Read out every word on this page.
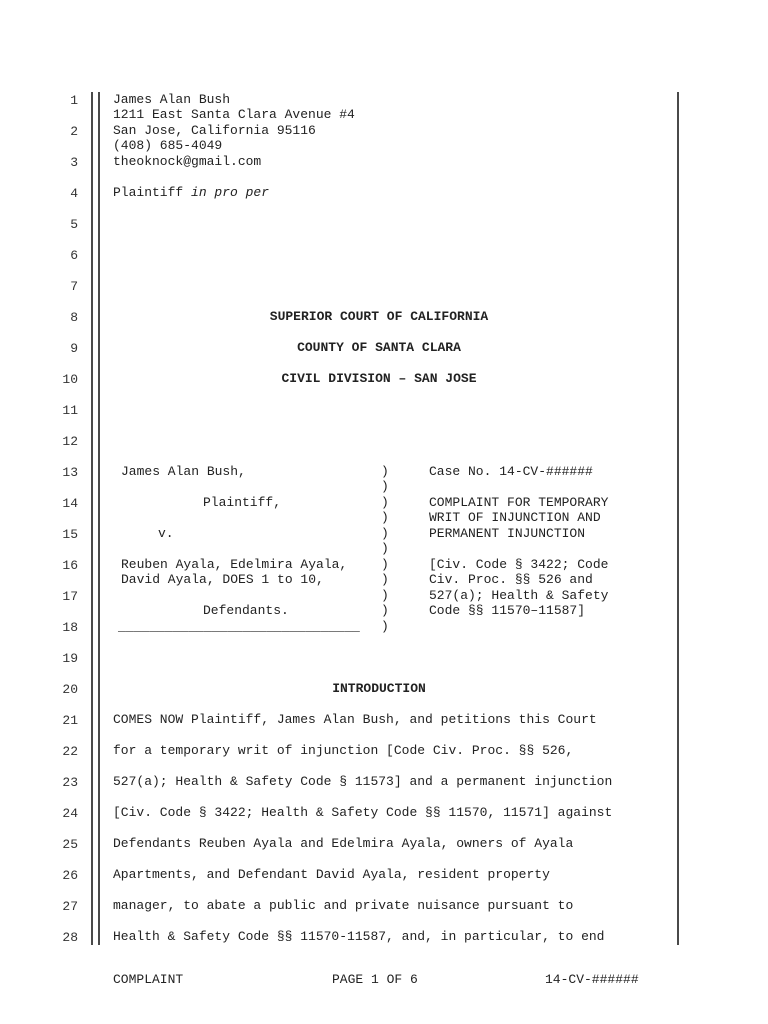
1
2
3
4
5
6
7
8
9
10
11
12
13
14
15
16
17
18
19
20
21
22
23
24
25
26
27
28
James Alan Bush
1211 East Santa Clara Avenue #4
San Jose, California 95116
(408) 685-4049
theoknock@gmail.com
Plaintiff in pro per
SUPERIOR COURT OF CALIFORNIA
COUNTY OF SANTA CLARA
CIVIL DIVISION – SAN JOSE
James Alan Bush,
Plaintiff,
v.
Reuben Ayala, Edelmira Ayala,
David Ayala, DOES 1 to 10,
Defendants.
_______________________________
)
)
)
)
)
)
)
)
)
)
)
Case No. 14-CV-######
COMPLAINT FOR TEMPORARY
WRIT OF INJUNCTION AND
PERMANENT INJUNCTION
[Civ. Code § 3422; Code
Civ. Proc. §§ 526 and
527(a); Health & Safety
Code §§ 11570–11587]
INTRODUCTION
COMES NOW Plaintiff, James Alan Bush, and petitions this Court
for a temporary writ of injunction [Code Civ. Proc. §§ 526,
527(a); Health & Safety Code § 11573] and a permanent injunction
[Civ. Code § 3422; Health & Safety Code §§ 11570, 11571] against
Defendants Reuben Ayala and Edelmira Ayala, owners of Ayala
Apartments, and Defendant David Ayala, resident property
manager, to abate a public and private nuisance pursuant to
Health & Safety Code §§ 11570-11587, and, in particular, to end
COMPLAINT	PAGE 1 OF 6	14-CV-######
